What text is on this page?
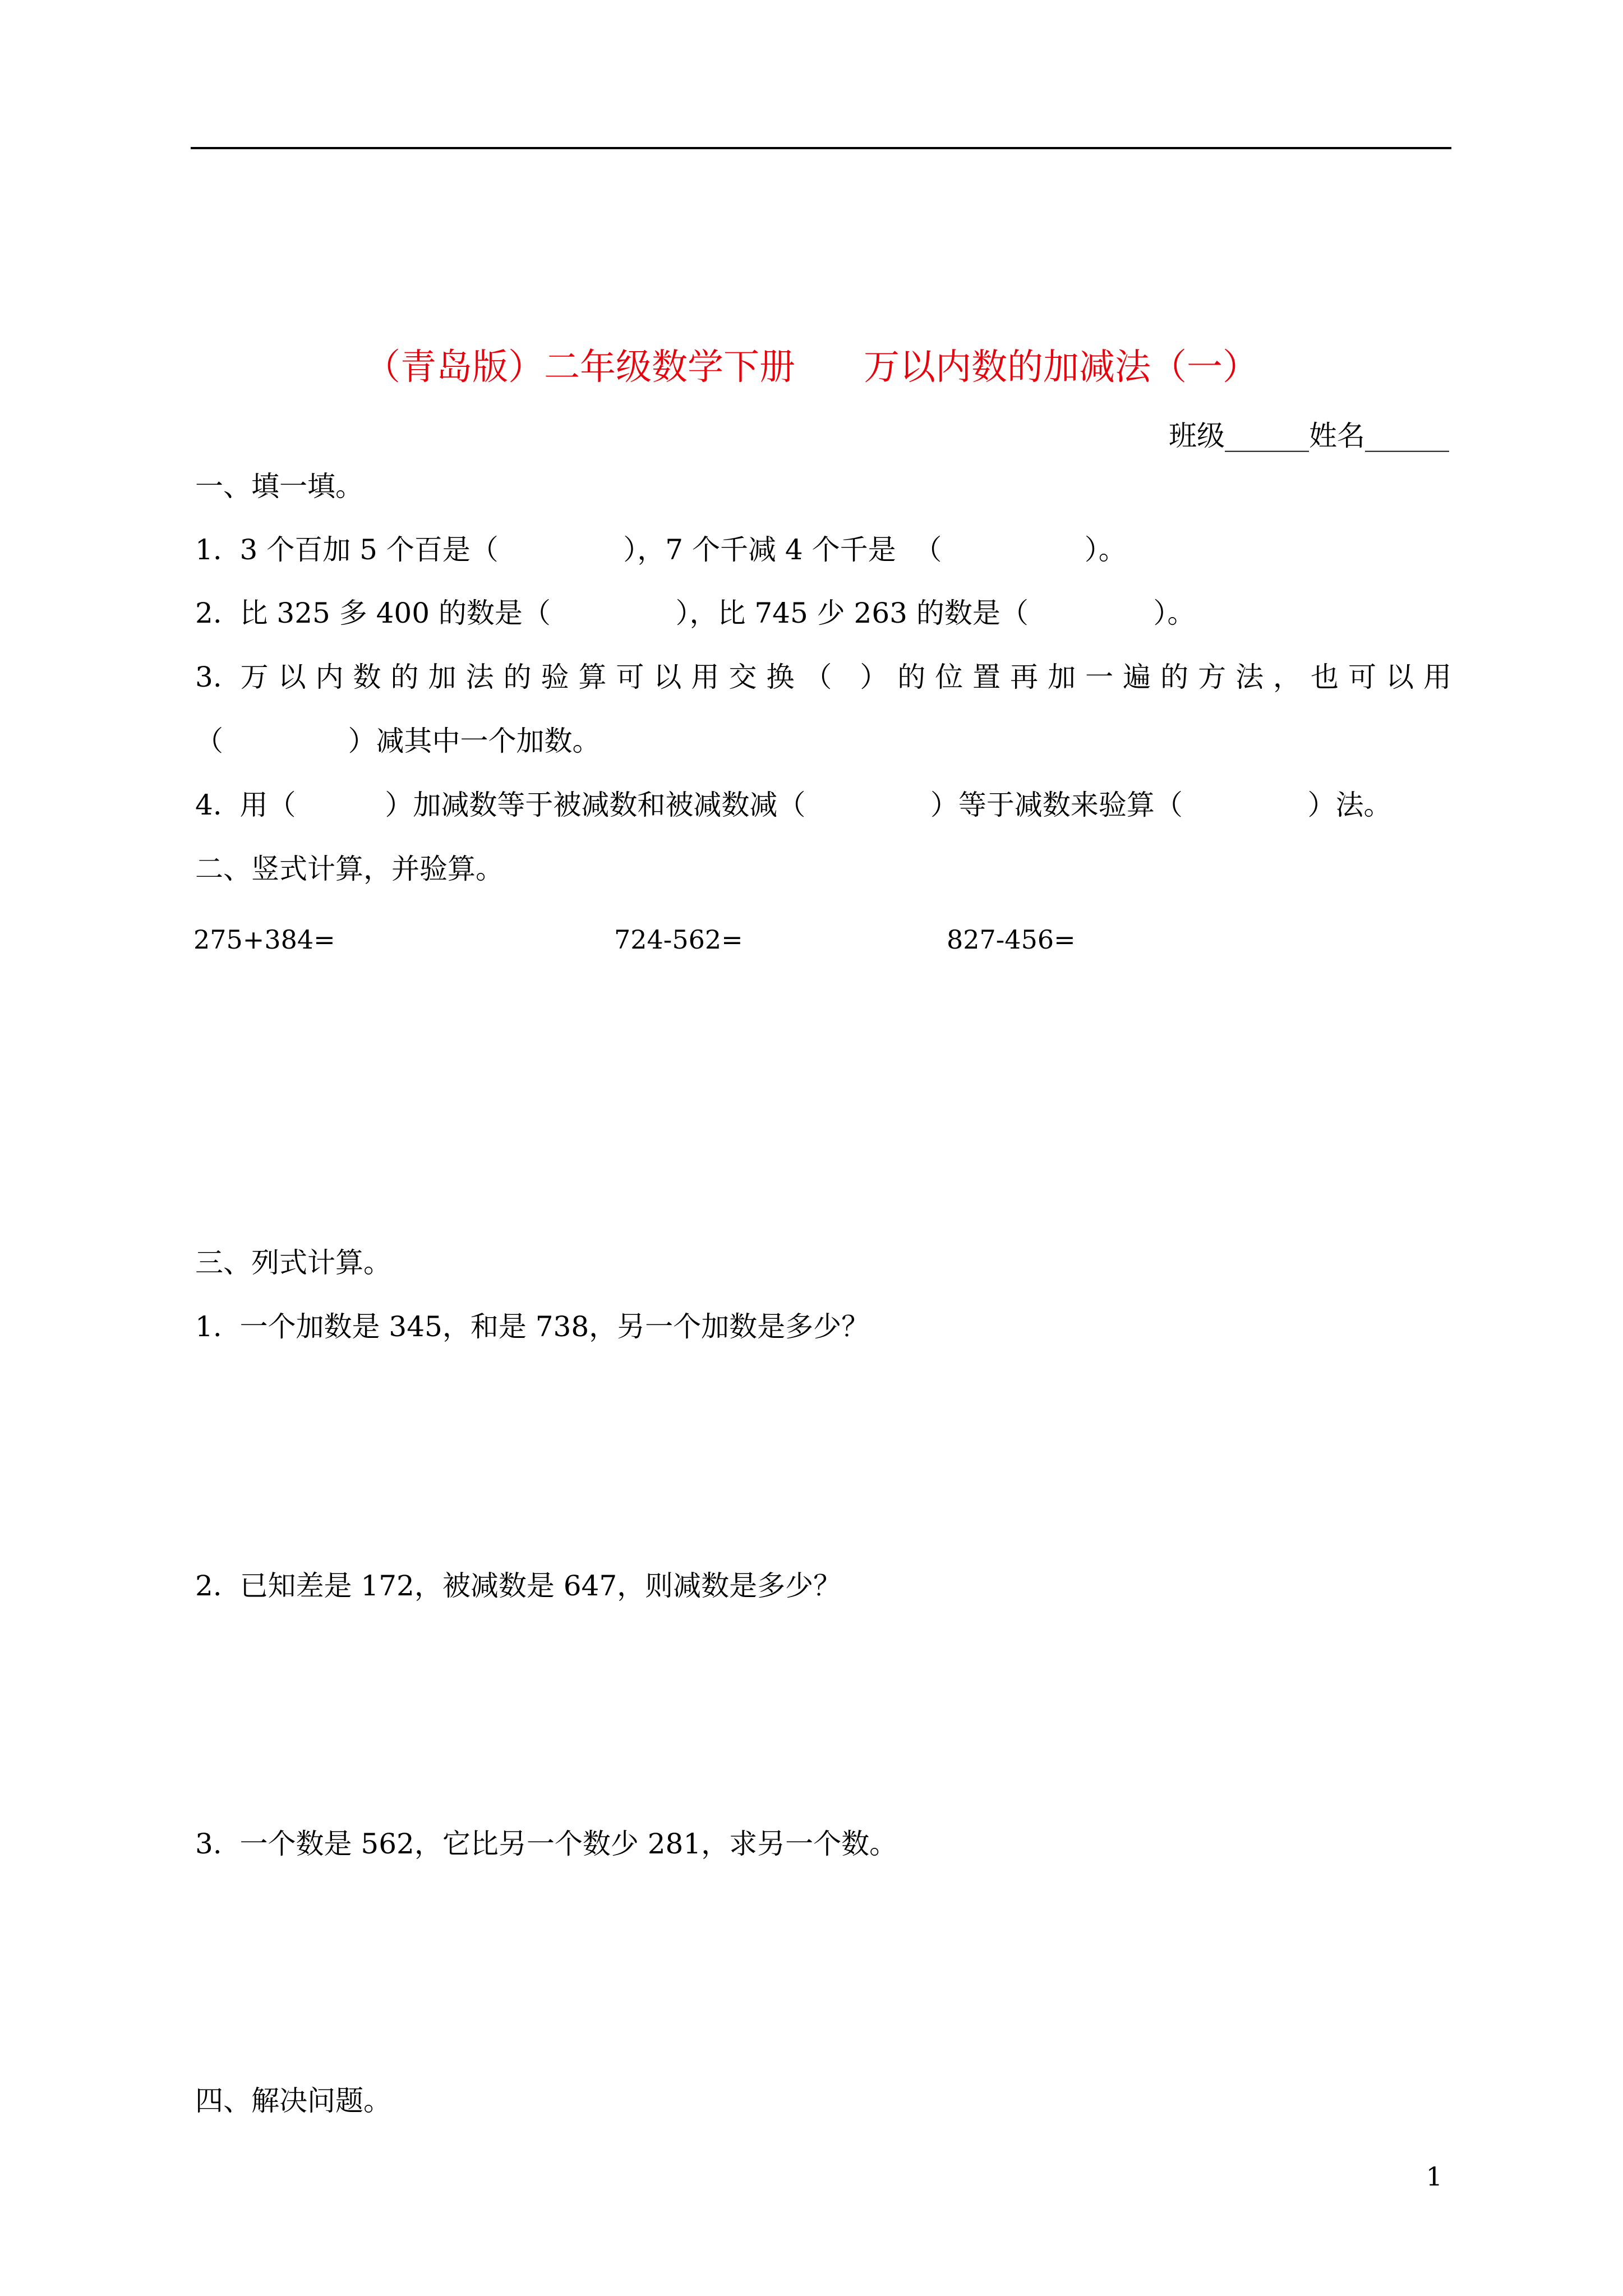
（青岛版）二年级数学下册      万以内数的加减法（一）
班级______姓名______
一、填一填。
1.  3 个百加 5 个百是（              ），7 个千减 4 个千是  （                ）。
2.  比 325 多 400 的数是（              ），比 745 少 263 的数是（              ）。
3. 万以内数的加法的验算可以用交换（ ）的位置再加一遍的方法，也可以用
（              ）减其中一个加数。
4.  用（          ）加减数等于被减数和被减数减（              ）等于减数来验算（              ）法。
二、竖式计算，并验算。
275+384=	724-562=	827-456=
三、列式计算。
1.  一个加数是 345，和是 738，另一个加数是多少？
2.  已知差是 172，被减数是 647，则减数是多少？
3.  一个数是 562，它比另一个数少 281，求另一个数。
四、解决问题。
1
